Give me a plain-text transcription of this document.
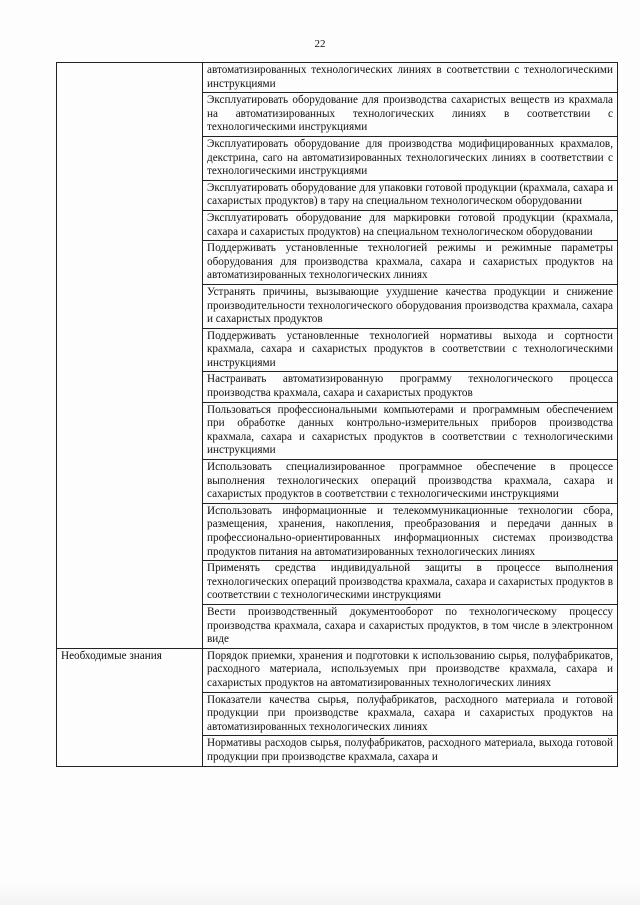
22
	автоматизированных технологических линиях в соответствии с технологическими инструкциями
	Эксплуатировать оборудование для производства сахаристых веществ из крахмала на автоматизированных технологических линиях в соответствии с технологическими инструкциями
	Эксплуатировать оборудование для производства модифицированных крахмалов, декстрина, саго на автоматизированных технологических линиях в соответствии с технологическими инструкциями
	Эксплуатировать оборудование для упаковки готовой продукции (крахмала, сахара и сахаристых продуктов) в тару на специальном технологическом оборудовании
	Эксплуатировать оборудование для маркировки готовой продукции (крахмала, сахара и сахаристых продуктов) на специальном технологическом оборудовании
	Поддерживать установленные технологией режимы и режимные параметры оборудования для производства крахмала, сахара и сахаристых продуктов на автоматизированных технологических линиях
	Устранять причины, вызывающие ухудшение качества продукции и снижение производительности технологического оборудования производства крахмала, сахара и сахаристых продуктов
	Поддерживать установленные технологией нормативы выхода и сортности крахмала, сахара и сахаристых продуктов в соответствии с технологическими инструкциями
	Настраивать автоматизированную программу технологического процесса производства крахмала, сахара и сахаристых продуктов
	Пользоваться профессиональными компьютерами и программным обеспечением при обработке данных контрольно-измерительных приборов производства крахмала, сахара и сахаристых продуктов в соответствии с технологическими инструкциями
	Использовать специализированное программное обеспечение в процессе выполнения технологических операций производства крахмала, сахара и сахаристых продуктов в соответствии с технологическими инструкциями
	Использовать информационные и телекоммуникационные технологии сбора, размещения, хранения, накопления, преобразования и передачи данных в профессионально-ориентированных информационных системах производства продуктов питания на автоматизированных технологических линиях
	Применять средства индивидуальной защиты в процессе выполнения технологических операций производства крахмала, сахара и сахаристых продуктов в соответствии с технологическими инструкциями
	Вести производственный документооборот по технологическому процессу производства крахмала, сахара и сахаристых продуктов, в том числе в электронном виде
Необходимые знания	Порядок приемки, хранения и подготовки к использованию сырья, полуфабрикатов, расходного материала, используемых при производстве крахмала, сахара и сахаристых продуктов на автоматизированных технологических линиях
	Показатели качества сырья, полуфабрикатов, расходного материала и готовой продукции при производстве крахмала, сахара и сахаристых продуктов на автоматизированных технологических линиях
	Нормативы расходов сырья, полуфабрикатов, расходного материала, выхода готовой продукции при производстве крахмала, сахара и
